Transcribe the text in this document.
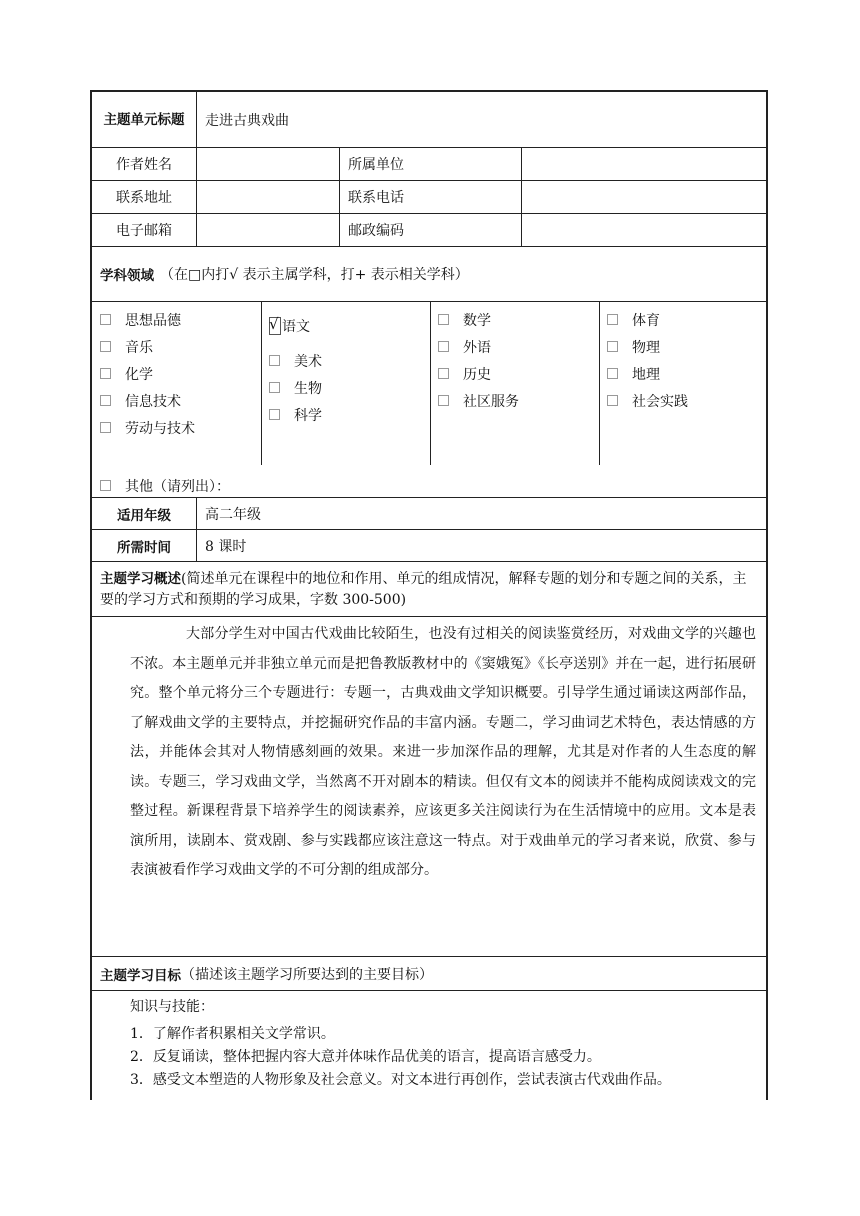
主题单元标题	走进古典戏曲
作者姓名	所属单位
联系地址	联系电话
电子邮箱	邮政编码
学科领域 （在□内打√ 表示主属学科，打+ 表示相关学科）
思想品德
音乐
化学
信息技术
劳动与技术
√ 语文
美术
生物
科学
数学
外语
历史
社区服务
体育
物理
地理
社会实践
其他（请列出）：
适用年级	高二年级
所需时间	8 课时
主题学习概述(简述单元在课程中的地位和作用、单元的组成情况，解释专题的划分和专题之间的关系，主要的学习方式和预期的学习成果，字数 300-500)
大部分学生对中国古代戏曲比较陌生，也没有过相关的阅读鉴赏经历，对戏曲文学的兴趣也不浓。本主题单元并非独立单元而是把鲁教版教材中的《窦娥冤》《长亭送别》并在一起，进行拓展研究。整个单元将分三个专题进行：专题一，古典戏曲文学知识概要。引导学生通过诵读这两部作品，了解戏曲文学的主要特点，并挖掘研究作品的丰富内涵。专题二，学习曲词艺术特色，表达情感的方法，并能体会其对人物情感刻画的效果。来进一步加深作品的理解，尤其是对作者的人生态度的解读。专题三，学习戏曲文学，当然离不开对剧本的精读。但仅有文本的阅读并不能构成阅读戏文的完整过程。新课程背景下培养学生的阅读素养，应该更多关注阅读行为在生活情境中的应用。文本是表演所用，读剧本、赏戏剧、参与实践都应该注意这一特点。对于戏曲单元的学习者来说，欣赏、参与表演被看作学习戏曲文学的不可分割的组成部分。
主题学习目标 （描述该主题学习所要达到的主要目标）
知识与技能：
1．了解作者积累相关文学常识。
2．反复诵读，整体把握内容大意并体味作品优美的语言，提高语言感受力。
3．感受文本塑造的人物形象及社会意义。对文本进行再创作，尝试表演古代戏曲作品。
